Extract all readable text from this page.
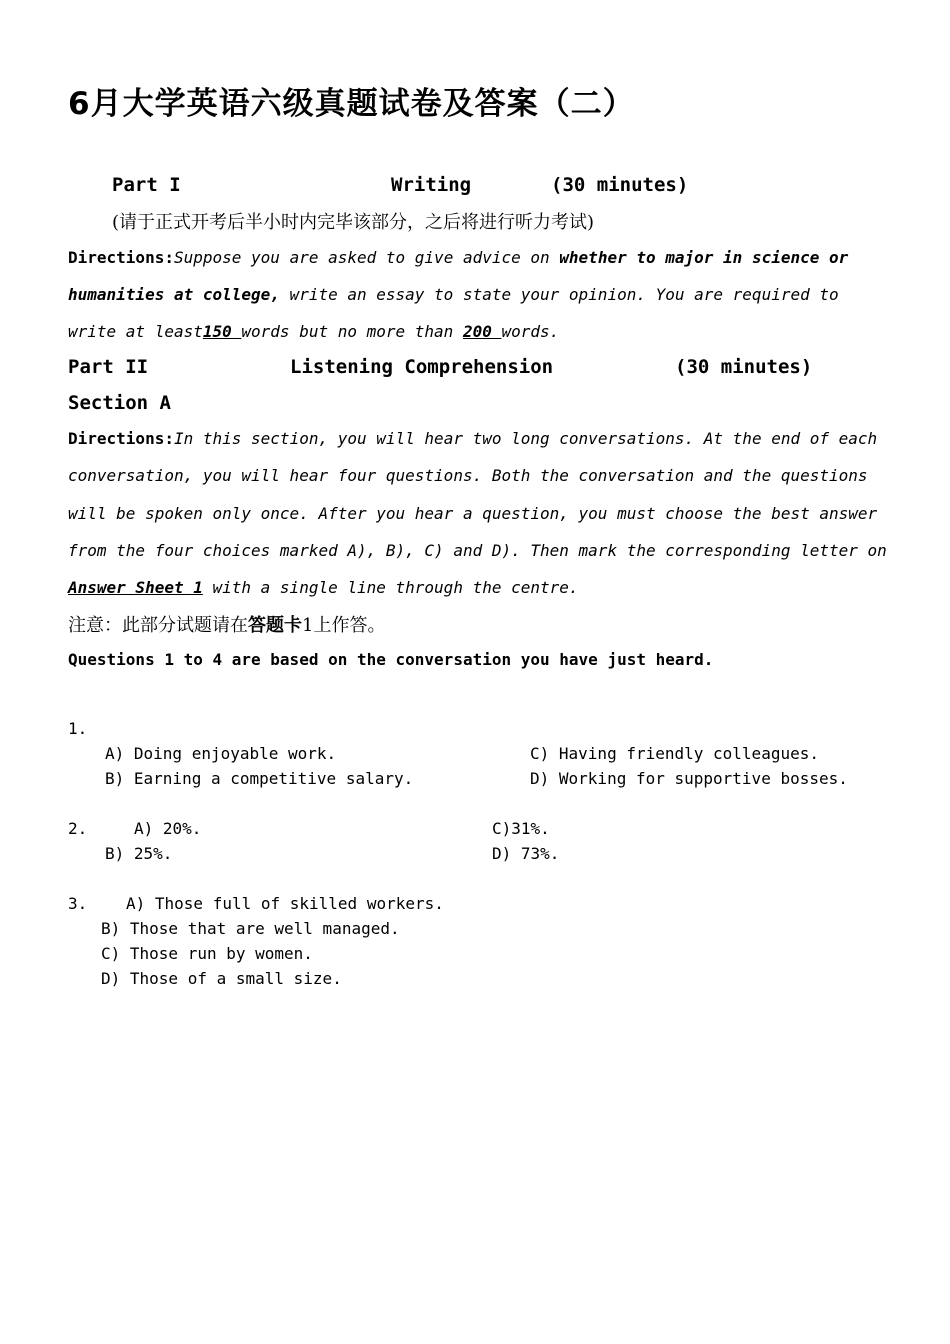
6月大学英语六级真题试卷及答案（二）
Part I	Writing	(30 minutes)
(请于正式开考后半小时内完毕该部分，之后将进行听力考试)
Directions:Suppose you are asked to give advice on whether to major in science or
humanities at college, write an essay to state your opinion. You are required to
write at least150 words but no more than 200 words.
Part II	Listening Comprehension	(30 minutes)
Section A
Directions:In this section, you will hear two long conversations. At the end of each
conversation, you will hear four questions. Both the conversation and the questions
will be spoken only once. After you hear a question, you must choose the best answer
from the four choices marked A), B), C) and D). Then mark the corresponding letter on
Answer Sheet 1 with a single line through the centre.
注意：此部分试题请在答题卡1上作答。
Questions 1 to 4 are based on the conversation you have just heard.
1.
A) Doing enjoyable work.	C) Having friendly colleagues.
B) Earning a competitive salary.	D) Working for supportive bosses.
2.	A) 20%.	C)31%.
B) 25%.	D) 73%.
3. A) Those full of skilled workers.
B) Those that are well managed.
C) Those run by women.
D) Those of a small size.
